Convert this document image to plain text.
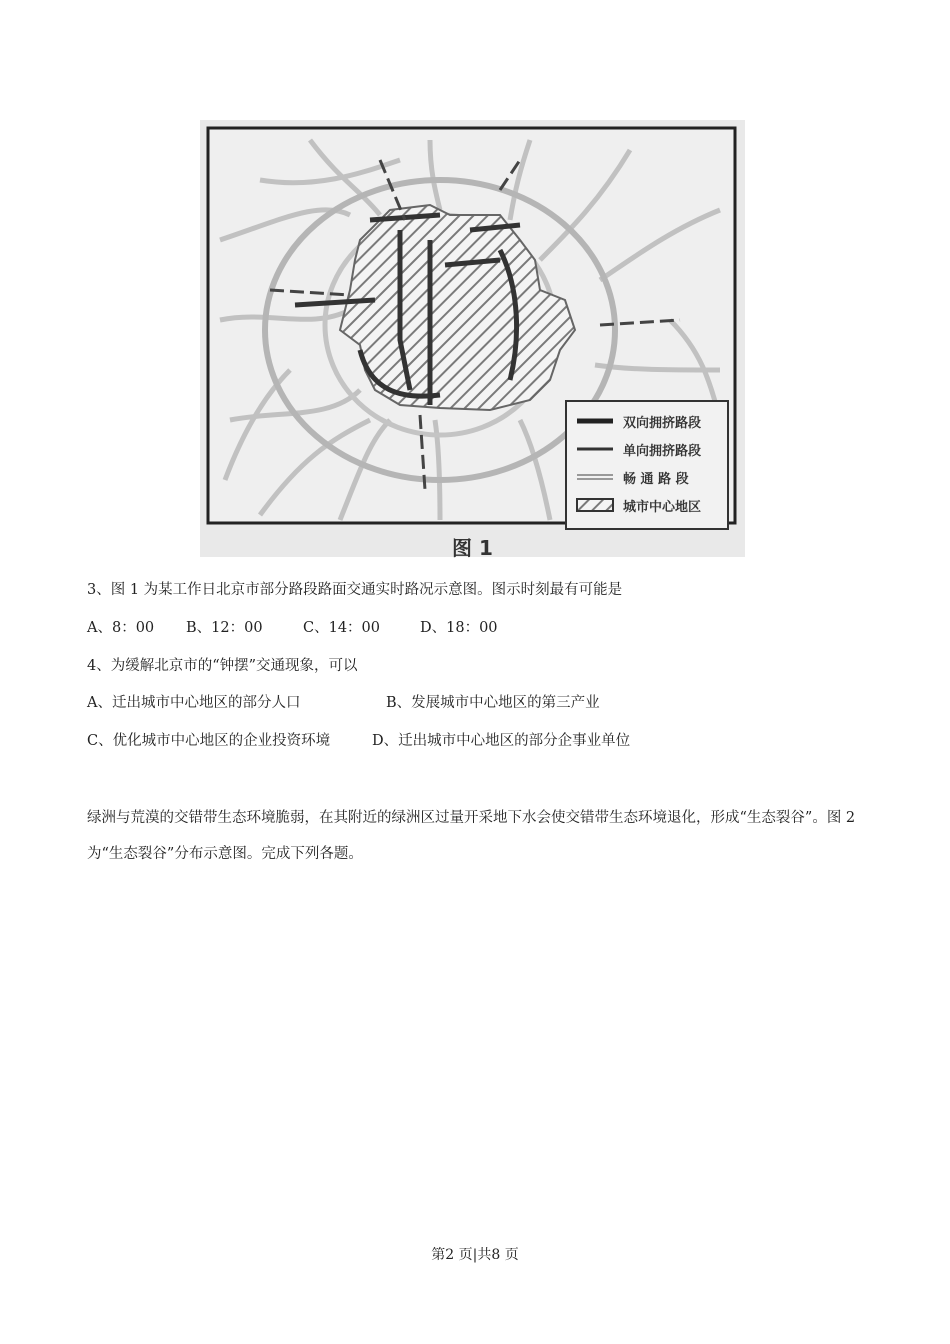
双向拥挤路段
单向拥挤路段
畅 通 路 段
城市中心地区
图 1
3、图 1 为某工作日北京市部分路段路面交通实时路况示意图。图示时刻最有可能是
A、8：00 B、12：00	C、14：00	D、18：00
4、为缓解北京市的“钟摆”交通现象，可以
A、迁出城市中心地区的部分人口	B、发展城市中心地区的第三产业
C、优化城市中心地区的企业投资环境	D、迁出城市中心地区的部分企事业单位
绿洲与荒漠的交错带生态环境脆弱，在其附近的绿洲区过量开采地下水会使交错带生态环境退化，形成“生态裂谷”。图 2 为“生态裂谷”分布示意图。完成下列各题。
第2 页|共8 页
